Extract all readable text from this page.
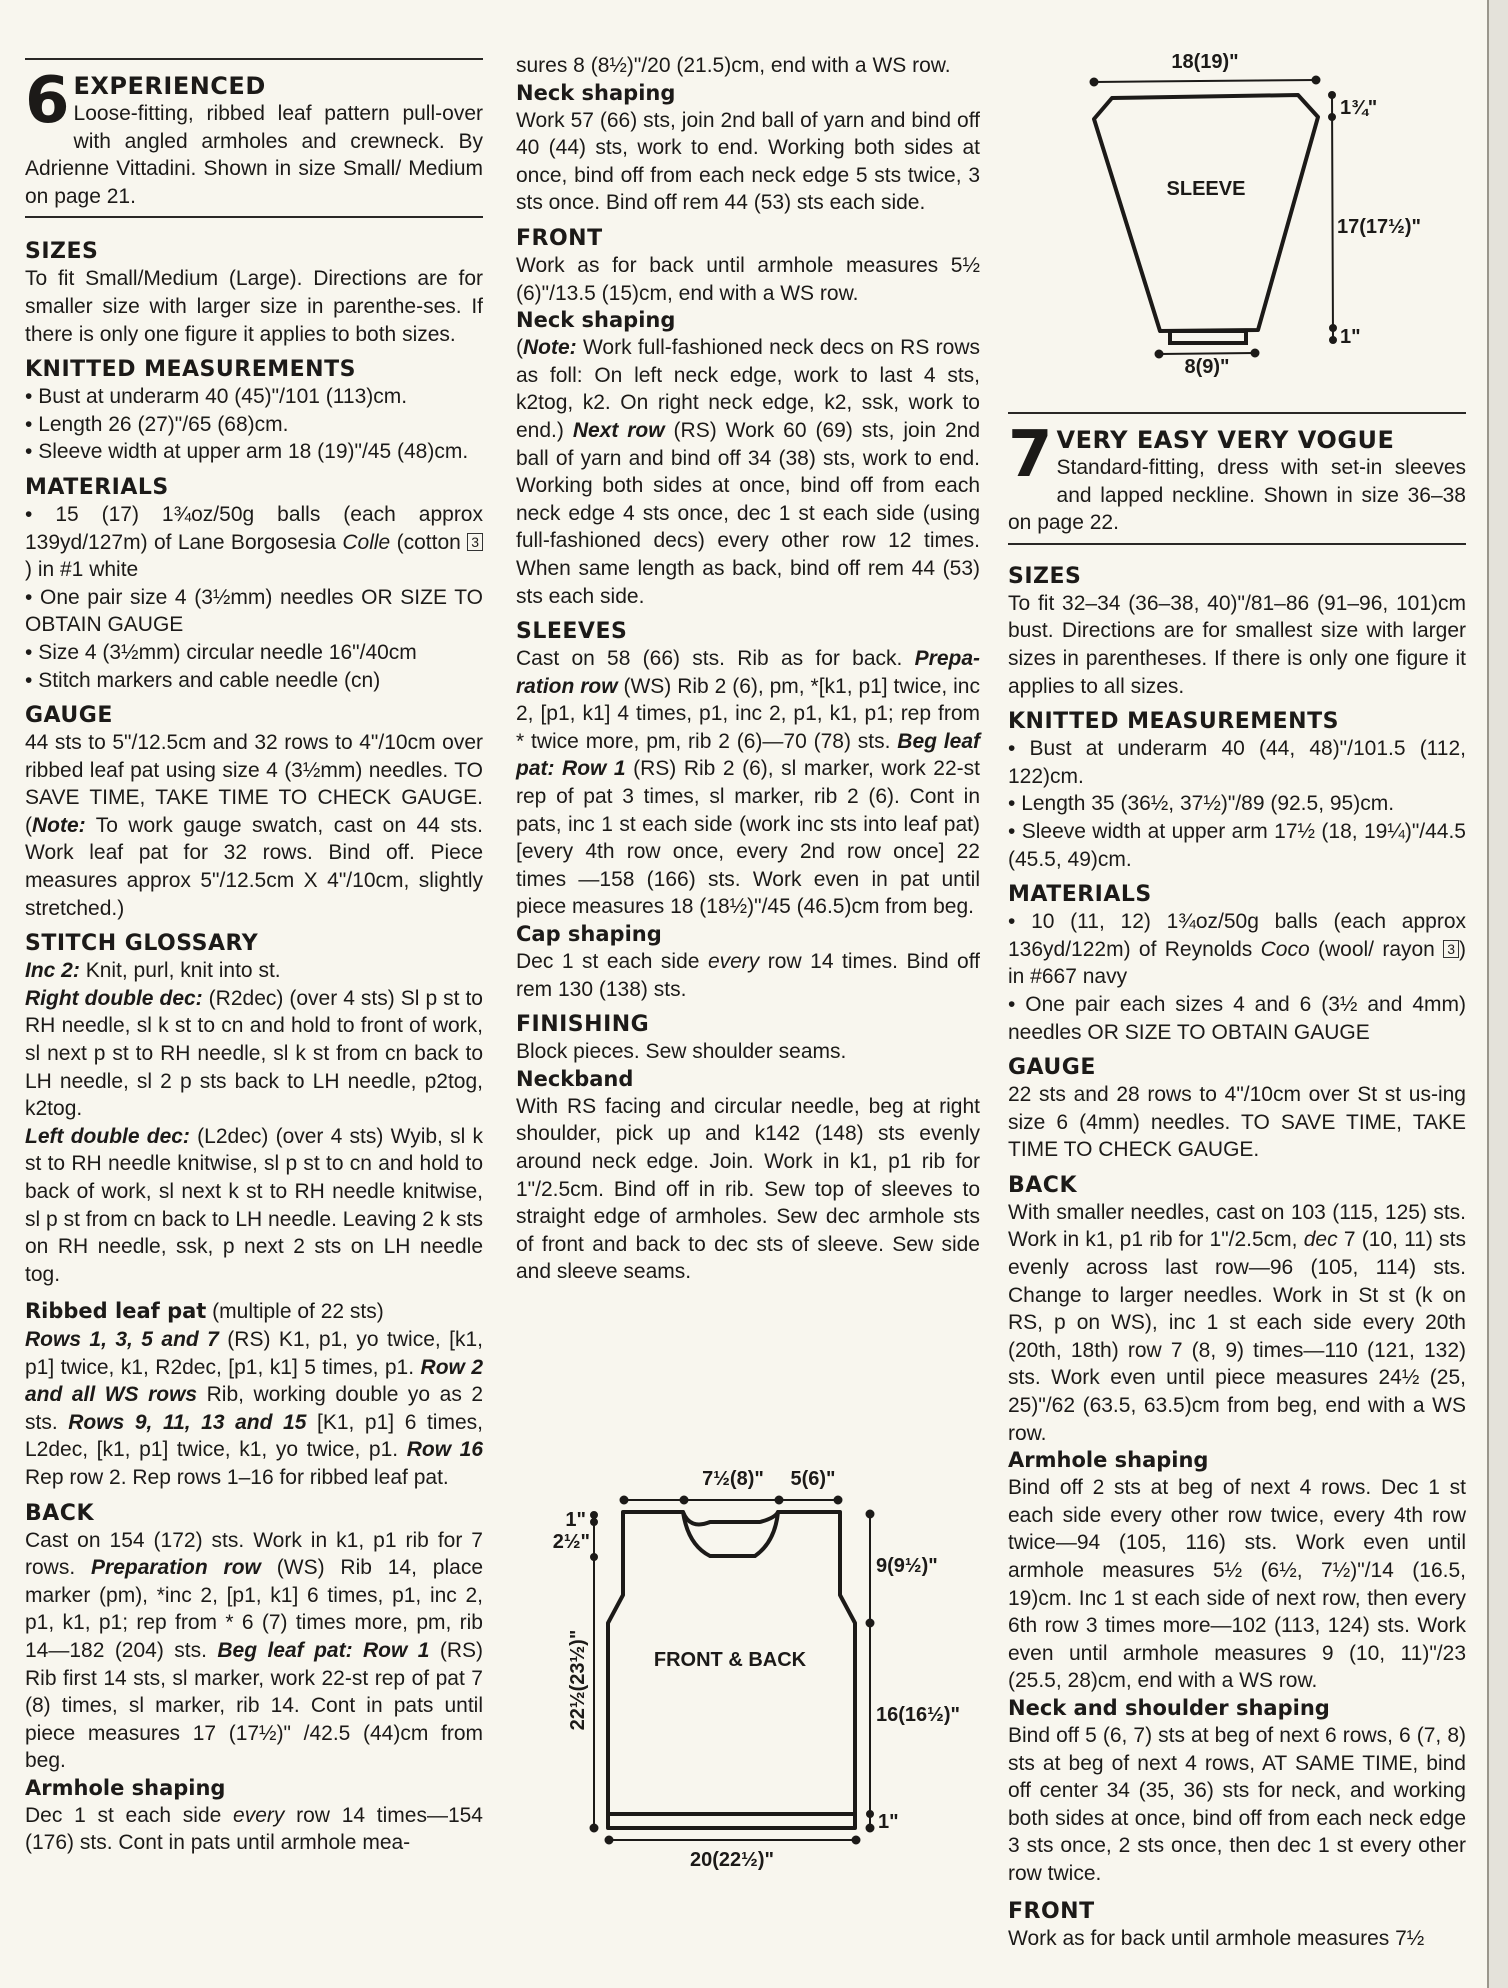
6 EXPERIENCED

Loose-fitting, ribbed leaf pattern pull-over with angled armholes and crewneck. By Adrienne Vittadini. Shown in size Small/ Medium on page 21.

SIZES

To fit Small/Medium (Large). Directions are for smaller size with larger size in parenthe-ses. If there is only one figure it applies to both sizes.

KNITTED MEASUREMENTS

• Bust at underarm 40 (45)"/101 (113)cm.

• Length 26 (27)"/65 (68)cm.

• Sleeve width at upper arm 18 (19)"/45 (48)cm.

MATERIALS

• 15 (17) 1¾oz/50g balls (each approx 139yd/127m) of Lane Borgosesia Colle (cotton 3) in #1 white

• One pair size 4 (3½mm) needles OR SIZE TO OBTAIN GAUGE

• Size 4 (3½mm) circular needle 16"/40cm

• Stitch markers and cable needle (cn)

GAUGE

44 sts to 5"/12.5cm and 32 rows to 4"/10cm over ribbed leaf pat using size 4 (3½mm) needles. TO SAVE TIME, TAKE TIME TO CHECK GAUGE. (Note: To work gauge swatch, cast on 44 sts. Work leaf pat for 32 rows. Bind off. Piece measures approx 5"/12.5cm X 4"/10cm, slightly stretched.)

STITCH GLOSSARY

Inc 2: Knit, purl, knit into st.

Right double dec: (R2dec) (over 4 sts) Sl p st to RH needle, sl k st to cn and hold to front of work, sl next p st to RH needle, sl k st from cn back to LH needle, sl 2 p sts back to LH needle, p2tog, k2tog.

Left double dec: (L2dec) (over 4 sts) Wyib, sl k st to RH needle knitwise, sl p st to cn and hold to back of work, sl next k st to RH needle knitwise, sl p st from cn back to LH needle. Leaving 2 k sts on RH needle, ssk, p next 2 sts on LH needle tog.

Ribbed leaf pat (multiple of 22 sts)

Rows 1, 3, 5 and 7 (RS) K1, p1, yo twice, [k1, p1] twice, k1, R2dec, [p1, k1] 5 times, p1. Row 2 and all WS rows Rib, working double yo as 2 sts. Rows 9, 11, 13 and 15 [K1, p1] 6 times, L2dec, [k1, p1] twice, k1, yo twice, p1. Row 16 Rep row 2. Rep rows 1–16 for ribbed leaf pat.

BACK

Cast on 154 (172) sts. Work in k1, p1 rib for 7 rows. Preparation row (WS) Rib 14, place marker (pm), *inc 2, [p1, k1] 6 times, p1, inc 2, p1, k1, p1; rep from * 6 (7) times more, pm, rib 14—182 (204) sts. Beg leaf pat: Row 1 (RS) Rib first 14 sts, sl marker, work 22-st rep of pat 7 (8) times, sl marker, rib 14. Cont in pats until piece measures 17 (17½)" /42.5 (44)cm from beg.

Armhole shaping

Dec 1 st each side every row 14 times—154 (176) sts. Cont in pats until armhole mea-

sures 8 (8½)"/20 (21.5)cm, end with a WS row.

Neck shaping

Work 57 (66) sts, join 2nd ball of yarn and bind off 40 (44) sts, work to end. Working both sides at once, bind off from each neck edge 5 sts twice, 3 sts once. Bind off rem 44 (53) sts each side.

FRONT

Work as for back until armhole measures 5½ (6)"/13.5 (15)cm, end with a WS row.

Neck shaping

(Note: Work full-fashioned neck decs on RS rows as foll: On left neck edge, work to last 4 sts, k2tog, k2. On right neck edge, k2, ssk, work to end.) Next row (RS) Work 60 (69) sts, join 2nd ball of yarn and bind off 34 (38) sts, work to end. Working both sides at once, bind off from each neck edge 4 sts once, dec 1 st each side (using full-fashioned decs) every other row 12 times. When same length as back, bind off rem 44 (53) sts each side.

SLEEVES

Cast on 58 (66) sts. Rib as for back. Prepa-ration row (WS) Rib 2 (6), pm, *[k1, p1] twice, inc 2, [p1, k1] 4 times, p1, inc 2, p1, k1, p1; rep from * twice more, pm, rib 2 (6)—70 (78) sts. Beg leaf pat: Row 1 (RS) Rib 2 (6), sl marker, work 22-st rep of pat 3 times, sl marker, rib 2 (6). Cont in pats, inc 1 st each side (work inc sts into leaf pat) [every 4th row once, every 2nd row once] 22 times —158 (166) sts. Work even in pat until piece measures 18 (18½)"/45 (46.5)cm from beg.

Cap shaping

Dec 1 st each side every row 14 times. Bind off rem 130 (138) sts.

FINISHING

Block pieces. Sew shoulder seams.

Neckband

With RS facing and circular needle, beg at right shoulder, pick up and k142 (148) sts evenly around neck edge. Join. Work in k1, p1 rib for 1"/2.5cm. Bind off in rib. Sew top of sleeves to straight edge of armholes. Sew dec armhole sts of front and back to dec sts of sleeve. Sew side and sleeve seams.

7½(8)" 5(6)"
1"
2½"
22½(23½)"
9(9½)"
16(16½)"
1"
20(22½)"
FRONT & BACK
18(19)"
1¾"
17(17½)"
1"
8(9)"
SLEEVE
7 VERY EASY VERY VOGUE

Standard-fitting, dress with set-in sleeves and lapped neckline. Shown in size 36–38 on page 22.

SIZES

To fit 32–34 (36–38, 40)"/81–86 (91–96, 101)cm bust. Directions are for smallest size with larger sizes in parentheses. If there is only one figure it applies to all sizes.

KNITTED MEASUREMENTS

• Bust at underarm 40 (44, 48)"/101.5 (112, 122)cm.

• Length 35 (36½, 37½)"/89 (92.5, 95)cm.

• Sleeve width at upper arm 17½ (18, 19¼)"/44.5 (45.5, 49)cm.

MATERIALS

• 10 (11, 12) 1¾oz/50g balls (each approx 136yd/122m) of Reynolds Coco (wool/ rayon 3 ) in #667 navy

• One pair each sizes 4 and 6 (3½ and 4mm) needles OR SIZE TO OBTAIN GAUGE

GAUGE

22 sts and 28 rows to 4"/10cm over St st us-ing size 6 (4mm) needles. TO SAVE TIME, TAKE TIME TO CHECK GAUGE.

BACK

With smaller needles, cast on 103 (115, 125) sts. Work in k1, p1 rib for 1"/2.5cm, dec 7 (10, 11) sts evenly across last row—96 (105, 114) sts. Change to larger needles. Work in St st (k on RS, p on WS), inc 1 st each side every 20th (20th, 18th) row 7 (8, 9) times—110 (121, 132) sts. Work even until piece measures 24½ (25, 25)"/62 (63.5, 63.5)cm from beg, end with a WS row.

Armhole shaping

Bind off 2 sts at beg of next 4 rows. Dec 1 st each side every other row twice, every 4th row twice—94 (105, 116) sts. Work even until armhole measures 5½ (6½, 7½)"/14 (16.5, 19)cm. Inc 1 st each side of next row, then every 6th row 3 times more—102 (113, 124) sts. Work even until armhole measures 9 (10, 11)"/23 (25.5, 28)cm, end with a WS row.

Neck and shoulder shaping

Bind off 5 (6, 7) sts at beg of next 6 rows, 6 (7, 8) sts at beg of next 4 rows, AT SAME TIME, bind off center 34 (35, 36) sts for neck, and working both sides at once, bind off from each neck edge 3 sts once, 2 sts once, then dec 1 st every other row twice.

FRONT

Work as for back until armhole measures 7½
